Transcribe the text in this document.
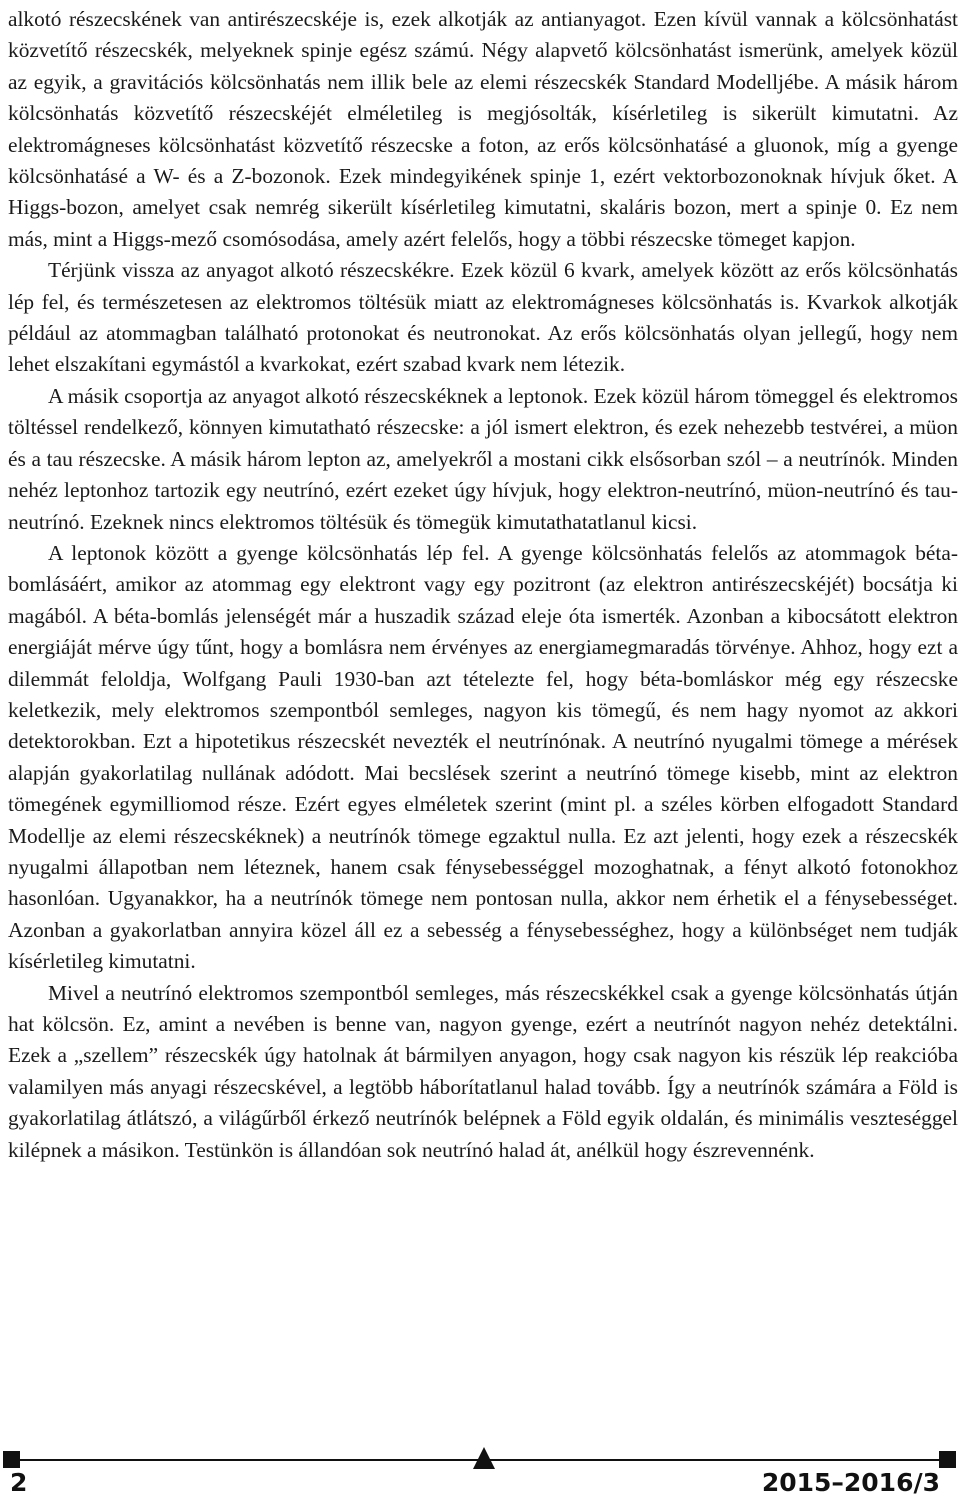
alkotó részecskének van antirészecskéje is, ezek alkotják az antianyagot. Ezen kívül vannak a kölcsönhatást közvetítő részecskék, melyeknek spinje egész számú. Négy alapvető kölcsönhatást ismerünk, amelyek közül az egyik, a gravitációs kölcsönhatás nem illik bele az elemi részecskék Standard Modelljébe. A másik három kölcsönhatás közvetítő részecskéjét elméletileg is megjósolták, kísérletileg is sikerült kimutatni. Az elektromágneses kölcsönhatást közvetítő részecske a foton, az erős kölcsönhatásé a gluonok, míg a gyenge kölcsönhatásé a W- és a Z-bozonok. Ezek mindegyikének spinje 1, ezért vektorbozonoknak hívjuk őket. A Higgs-bozon, amelyet csak nemrég sikerült kísérletileg kimutatni, skaláris bozon, mert a spinje 0. Ez nem más, mint a Higgs-mező csomósodása, amely azért felelős, hogy a többi részecske tömeget kapjon.

Térjünk vissza az anyagot alkotó részecskékre. Ezek közül 6 kvark, amelyek között az erős kölcsönhatás lép fel, és természetesen az elektromos töltésük miatt az elektromágneses kölcsönhatás is. Kvarkok alkotják például az atommagban található protonokat és neutronokat. Az erős kölcsönhatás olyan jellegű, hogy nem lehet elszakítani egymástól a kvarkokat, ezért szabad kvark nem létezik.

A másik csoportja az anyagot alkotó részecskéknek a leptonok. Ezek közül három tömeggel és elektromos töltéssel rendelkező, könnyen kimutatható részecske: a jól ismert elektron, és ezek nehezebb testvérei, a müon és a tau részecske. A másik három lepton az, amelyekről a mostani cikk elsősorban szól – a neutrínók. Minden nehéz leptonhoz tartozik egy neutrínó, ezért ezeket úgy hívjuk, hogy elektron-neutrínó, müon-neutrínó és tau-neutrínó. Ezeknek nincs elektromos töltésük és tömegük kimutathatatlanul kicsi.

A leptonok között a gyenge kölcsönhatás lép fel. A gyenge kölcsönhatás felelős az atommagok béta-bomlásáért, amikor az atommag egy elektront vagy egy pozitront (az elektron antirészecskéjét) bocsátja ki magából. A béta-bomlás jelenségét már a huszadik század eleje óta ismerték. Azonban a kibocsátott elektron energiáját mérve úgy tűnt, hogy a bomlásra nem érvényes az energiamegmaradás törvénye. Ahhoz, hogy ezt a dilemmát feloldja, Wolfgang Pauli 1930-ban azt tételezte fel, hogy béta-bomláskor még egy részecske keletkezik, mely elektromos szempontból semleges, nagyon kis tömegű, és nem hagy nyomot az akkori detektorokban. Ezt a hipotetikus részecskét nevezték el neutrínónak. A neutrínó nyugalmi tömege a mérések alapján gyakorlatilag nullának adódott. Mai becslések szerint a neutrínó tömege kisebb, mint az elektron tömegének egymilliomod része. Ezért egyes elméletek szerint (mint pl. a széles körben elfogadott Standard Modellje az elemi részecskéknek) a neutrínók tömege egzaktul nulla. Ez azt jelenti, hogy ezek a részecskék nyugalmi állapotban nem léteznek, hanem csak fénysebességgel mozoghatnak, a fényt alkotó fotonokhoz hasonlóan. Ugyanakkor, ha a neutrínók tömege nem pontosan nulla, akkor nem érhetik el a fénysebességet. Azonban a gyakorlatban annyira közel áll ez a sebesség a fénysebességhez, hogy a különbséget nem tudják kísérletileg kimutatni.

Mivel a neutrínó elektromos szempontból semleges, más részecskékkel csak a gyenge kölcsönhatás útján hat kölcsön. Ez, amint a nevében is benne van, nagyon gyenge, ezért a neutrínót nagyon nehéz detektálni. Ezek a „szellem” részecskék úgy hatolnak át bármilyen anyagon, hogy csak nagyon kis részük lép reakcióba valamilyen más anyagi részecskével, a legtöbb háborítatlanul halad tovább. Így a neutrínók számára a Föld is gyakorlatilag átlátszó, a világűrből érkező neutrínók belépnek a Föld egyik oldalán, és minimális veszteséggel kilépnek a másikon. Testünkön is állandóan sok neutrínó halad át, anélkül hogy észrevennénk.

2	2015–2016/3
